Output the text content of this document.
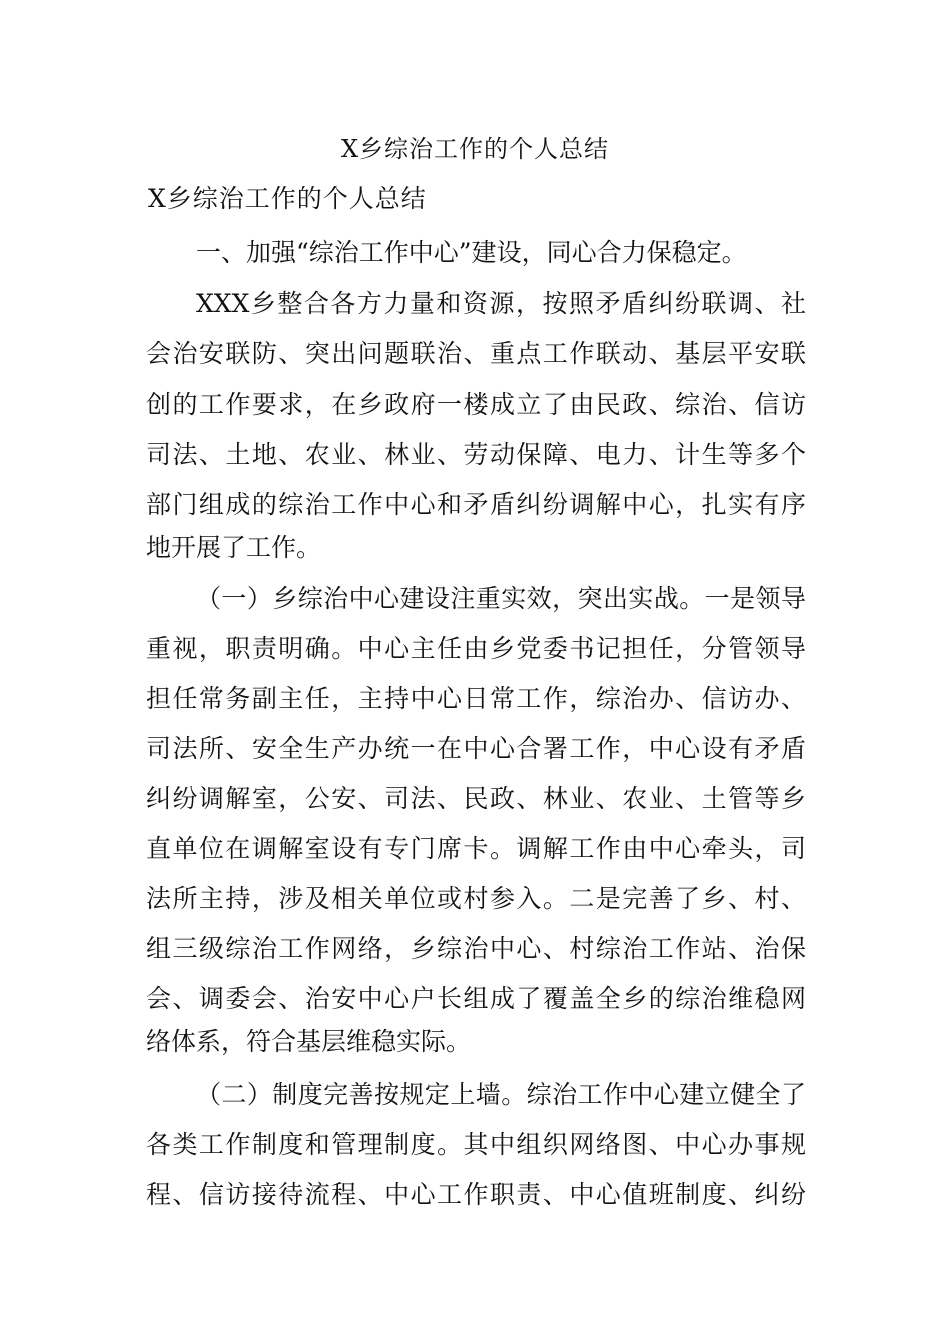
X乡综治工作的个人总结
X乡综治工作的个人总结
一、加强“综治工作中心”建设，同心合力保稳定。
XXX乡整合各方力量和资源，按照矛盾纠纷联调、社
会治安联防、突出问题联治、重点工作联动、基层平安联
创的工作要求，在乡政府一楼成立了由民政、综治、信访
司法、土地、农业、林业、劳动保障、电力、计生等多个
部门组成的综治工作中心和矛盾纠纷调解中心，扎实有序
地开展了工作。
（一）乡综治中心建设注重实效，突出实战。一是领导
重视，职责明确。中心主任由乡党委书记担任，分管领导
担任常务副主任，主持中心日常工作，综治办、信访办、
司法所、安全生产办统一在中心合署工作，中心设有矛盾
纠纷调解室，公安、司法、民政、林业、农业、土管等乡
直单位在调解室设有专门席卡。调解工作由中心牵头，司
法所主持，涉及相关单位或村参入。二是完善了乡、村、
组三级综治工作网络，乡综治中心、村综治工作站、治保
会、调委会、治安中心户长组成了覆盖全乡的综治维稳网
络体系，符合基层维稳实际。
（二）制度完善按规定上墙。综治工作中心建立健全了
各类工作制度和管理制度。其中组织网络图、中心办事规
程、信访接待流程、中心工作职责、中心值班制度、纠纷
